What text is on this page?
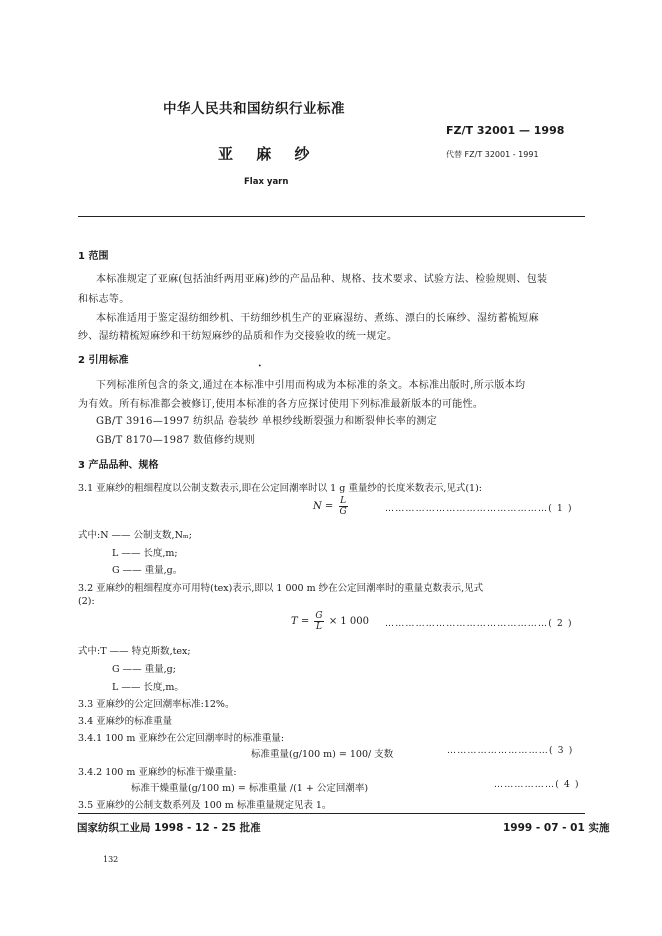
中华人民共和国纺织行业标准
FZ/T 32001 — 1998
亚 麻 纱	代替 FZ/T 32001 - 1991
Flax yarn
1 范围
本标准规定了亚麻(包括油纤两用亚麻)纱的产品品种、规格、技术要求、试验方法、检验规则、包装
和标志等。
本标准适用于鉴定湿纺细纱机、干纺细纱机生产的亚麻湿纺、煮练、漂白的长麻纱、湿纺蓄梳短麻
纱、湿纺精梳短麻纱和干纺短麻纱的品质和作为交接验收的统一规定。
2 引用标准
•
下列标准所包含的条文,通过在本标准中引用而构成为本标准的条文。本标准出版时,所示版本均
为有效。所有标准都会被修订,使用本标准的各方应探讨使用下列标准最新版本的可能性。
GB/T 3916—1997 纺织品 卷装纱 单根纱线断裂强力和断裂伸长率的测定
GB/T 8170—1987 数值修约规则
3 产品品种、规格
3.1 亚麻纱的粗细程度以公制支数表示,即在公定回潮率时以 1 g 重量纱的长度米数表示,见式(1):
$N = \frac{L}{G}$	…………………………………………( 1 )
式中:N —— 公制支数,Nₘ;
L —— 长度,m;
G —— 重量,g。
3.2 亚麻纱的粗细程度亦可用特(tex)表示,即以 1 000 m 纱在公定回潮率时的重量克数表示,见式
(2):
$T = \frac{G}{L} \times 1$ 000 …………………………………………( 2 )
式中:T —— 特克斯数,tex;
G —— 重量,g;
L —— 长度,m。
3.3 亚麻纱的公定回潮率标准:12%。
3.4 亚麻纱的标准重量
3.4.1 100 m 亚麻纱在公定回潮率时的标准重量:
标准重量(g/100 m) = 100/ 支数	…………………………( 3 )
3.4.2 100 m 亚麻纱的标准干燥重量:
标准干燥重量(g/100 m) = 标准重量 /(1 + 公定回潮率)	………………( 4 )
3.5 亚麻纱的公制支数系列及 100 m 标准重量规定见表 1。
国家纺织工业局 1998 - 12 - 25 批准	1999 - 07 - 01 实施
132
